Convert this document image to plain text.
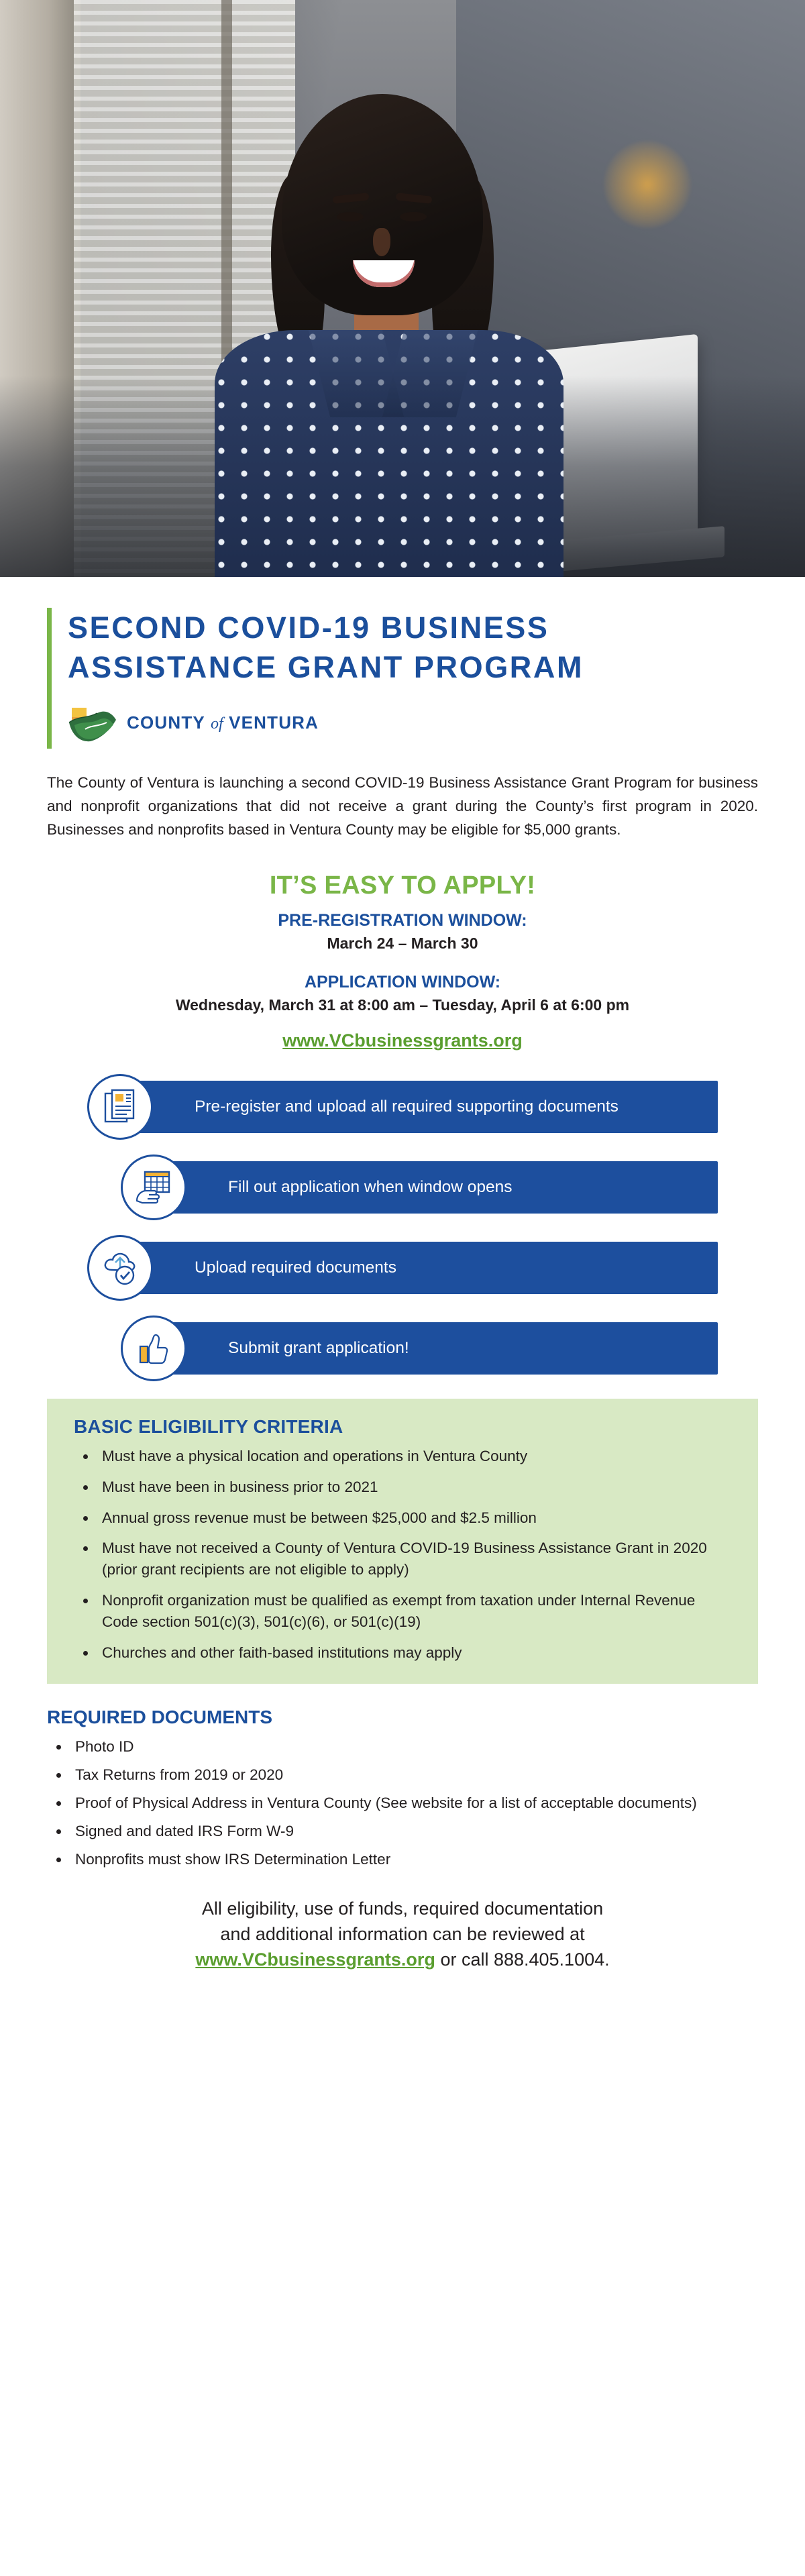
SECOND COVID-19 BUSINESS ASSISTANCE GRANT PROGRAM
COUNTY of VENTURA

The County of Ventura is launching a second COVID-19 Business Assistance Grant Program for business and nonprofit organizations that did not receive a grant during the County’s first program in 2020. Businesses and nonprofits based in Ventura County may be eligible for $5,000 grants.

IT’S EASY TO APPLY!
PRE-REGISTRATION WINDOW:
March 24 – March 30
APPLICATION WINDOW:
Wednesday, March 31 at 8:00 am – Tuesday, April 6 at 6:00 pm
www.VCbusinessgrants.org
Pre-register and upload all required supporting documents
Fill out application when window opens
Upload required documents
Submit grant application!
BASIC ELIGIBILITY CRITERIA
• Must have a physical location and operations in Ventura County
• Must have been in business prior to 2021
• Annual gross revenue must be between $25,000 and $2.5 million
• Must have not received a County of Ventura COVID-19 Business Assistance Grant in 2020 (prior grant recipients are not eligible to apply)
• Nonprofit organization must be qualified as exempt from taxation under Internal Revenue Code section 501(c)(3), 501(c)(6), or 501(c)(19)
• Churches and other faith-based institutions may apply
REQUIRED DOCUMENTS
• Photo ID
• Tax Returns from 2019 or 2020
• Proof of Physical Address in Ventura County (See website for a list of acceptable documents)
• Signed and dated IRS Form W-9
• Nonprofits must show IRS Determination Letter
All eligibility, use of funds, required documentation
and additional information can be reviewed at
www.VCbusinessgrants.org or call 888.405.1004.
